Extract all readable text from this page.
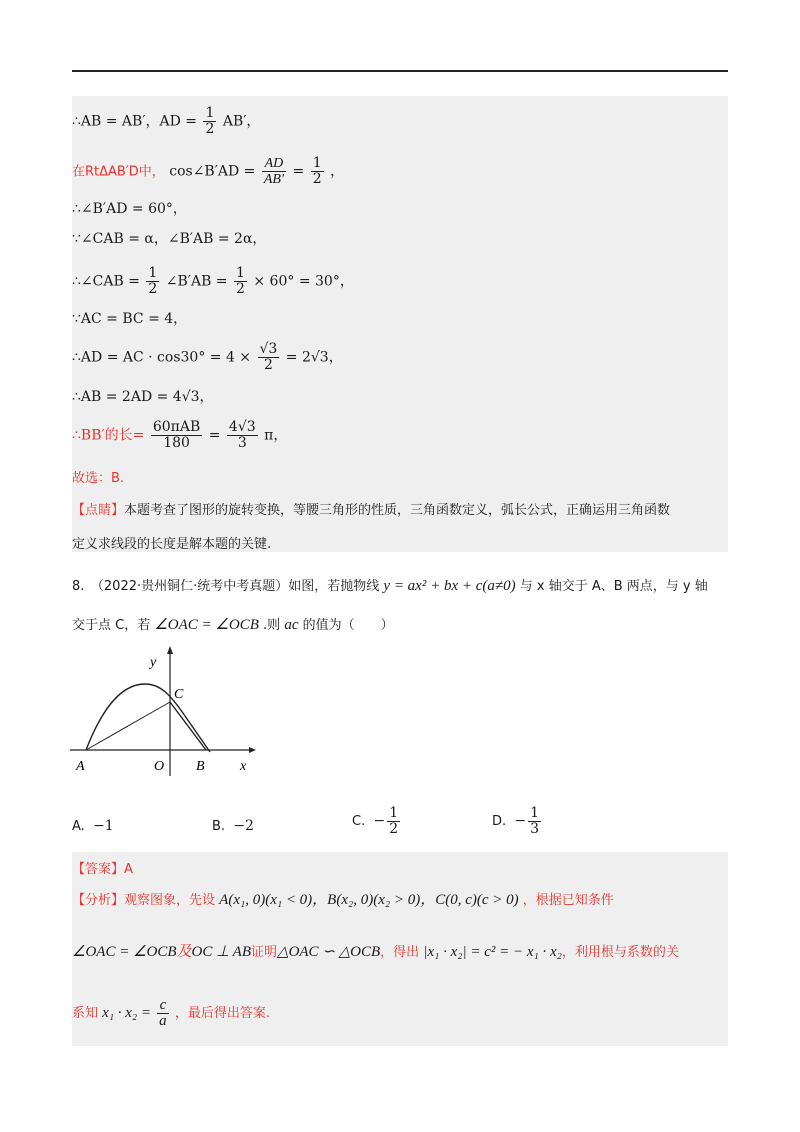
∴AB = AB′，AD = $\frac{1}{2} AB'$，
在RtΔAB′D中， cos∠B′AD = $\frac{AD}{AB'} = \frac{1}{2}$ ，
∴∠B′AD = 60°，
∵∠CAB = α，∠B′AB = 2α，
∴∠CAB = $\frac{1}{2}$ ∠B′AB = $\frac{1}{2} \times 60^\circ = 30^\circ$，
∵AC = BC = 4，
∴AD = AC · $\cos 30^\circ = 4 \times \frac{√3}{2} = 2√3$，
∴AB = 2AD = 4√3，
∴BB′的长= $\frac{\text{60πAB}}{180} = \frac{4√3}{3}$ π，
故选：B.
【点睛】本题考查了图形的旋转变换，等腰三角形的性质，三角函数定义，弧长公式，正确运用三角函数
定义求线段的长度是解本题的关键.
8.　（2022·贵州铜仁·统考中考真题）如图，若抛物线 y = ax² + bx + c(a≠0) 与 x 轴交于 A、B 两点，与 y 轴
交于点 C，若 ∠OAC = ∠OCB .则 ac 的值为（　　）
y
x
A	O B
C
A. −1	B. −2	C. − $\frac{1}{2}$	D. − $\frac{1}{3}$
【答案】A
【分析】观察图象，先设 A(x₁, 0)(x₁ < 0)，B(x₂, 0)(x₂ > 0)，C(0, c)(c > 0) ，根据已知条件
∠OAC = ∠OCB及OC ⊥ AB证明△OAC ∽ △OCB，得出 |x₁ · x₂| = c² = − x₁ · x₂，利用根与系数的关
系知 $x_1 \cdot x_2 = \frac{c}{a}$ ，最后得出答案.
